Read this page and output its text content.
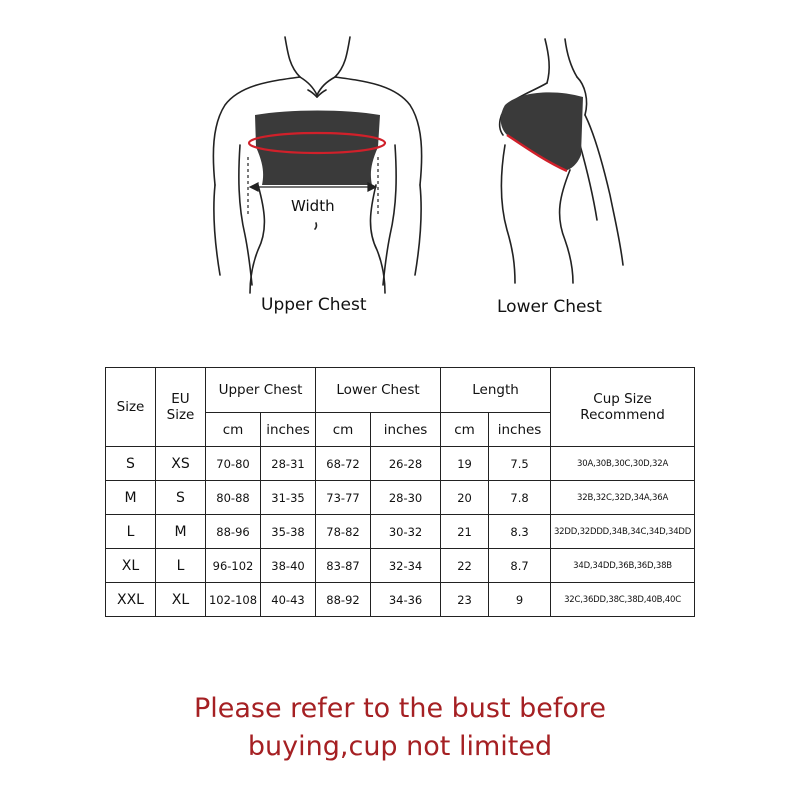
Width
Upper Chest	Lower Chest
Size	EU Size	Upper Chest		Lower Chest		Length		Cup Size Recommend
		cm	inches	cm	inches	cm	inches	
S	XS	70-80	28-31	68-72	26-28	19	7.5	30A,30B,30C,30D,32A
M	S	80-88	31-35	73-77	28-30	20	7.8	32B,32C,32D,34A,36A
L	M	88-96	35-38	78-82	30-32	21	8.3	32DD,32DDD,34B,34C,34D,34DD
XL	L	96-102	38-40	83-87	32-34	22	8.7	34D,34DD,36B,36D,38B
XXL	XL	102-108	40-43	88-92	34-36	23	9	32C,36DD,38C,38D,40B,40C
Please refer to the bust before
buying,cup not limited
